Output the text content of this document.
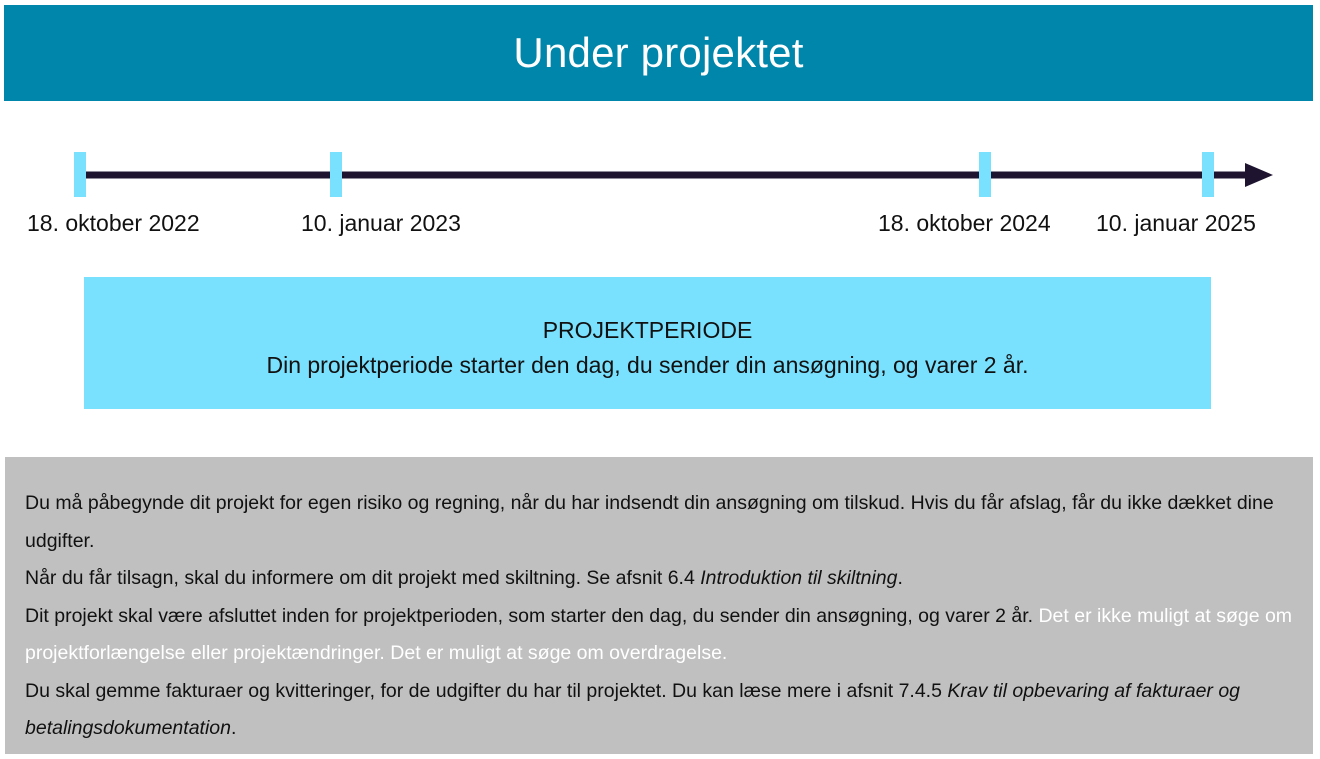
Under projektet
18. oktober 2022	10. januar 2023	18. oktober 2024 10. januar 2025
PROJEKTPERIODE
Din projektperiode starter den dag, du sender din ansøgning, og varer 2 år.

Du må påbegynde dit projekt for egen risiko og regning, når du har indsendt din ansøgning om tilskud. Hvis du får afslag, får du ikke dækket dine udgifter.

Når du får tilsagn, skal du informere om dit projekt med skiltning. Se afsnit 6.4 Introduktion til skiltning.

Dit projekt skal være afsluttet inden for projektperioden, som starter den dag, du sender din ansøgning, og varer 2 år. Det er ikke muligt at søge om projektforlængelse eller projektændringer. Det er muligt at søge om overdragelse.

Du skal gemme fakturaer og kvitteringer, for de udgifter du har til projektet. Du kan læse mere i afsnit 7.4.5 Krav til opbevaring af fakturaer og betalingsdokumentation.
